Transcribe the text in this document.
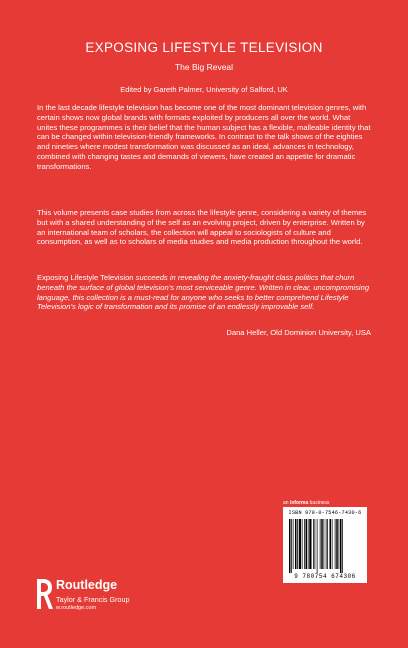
EXPOSING LIFESTYLE TELEVISION
The Big Reveal
Edited by Gareth Palmer, University of Salford, UK
In the last decade lifestyle television has become one of the most dominant television genres, with certain shows now global brands with formats exploited by producers all over the world. What unites these programmes is their belief that the human subject has a flexible, malleable identity that can be changed within television-friendly frameworks. In contrast to the talk shows of the eighties and nineties where modest transformation was discussed as an ideal, advances in technology, combined with changing tastes and demands of viewers, have created an appetite for dramatic transformations.
This volume presents case studies from across the lifestyle genre, considering a variety of themes but with a shared understanding of the self as an evolving project, driven by enterprise. Written by an international team of scholars, the collection will appeal to sociologists of culture and consumption, as well as to scholars of media studies and media production throughout the world.
Exposing Lifestyle Television succeeds in revealing the anxiety-fraught class politics that churn beneath the surface of global television’s most serviceable genre. Written in clear, uncompromising language, this collection is a must-read for anyone who seeks to better comprehend Lifestyle Television’s logic of transformation and its promise of an endlessly improvable self.
Dana Heller, Old Dominion University, USA
an informa business
ISBN 978-0-7546-7430-6
9 780754 674306
Routledge
Taylor & Francis Group
w.routledge.com
